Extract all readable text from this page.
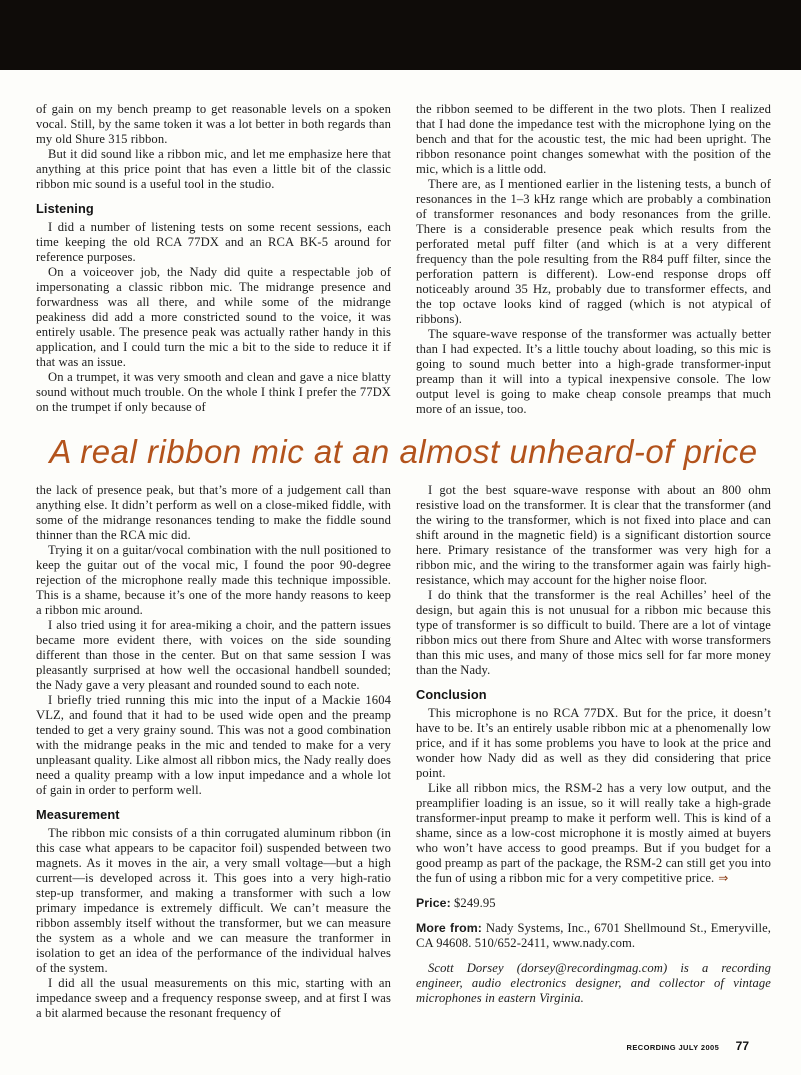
of gain on my bench preamp to get reasonable levels on a spoken vocal. Still, by the same token it was a lot better in both regards than my old Shure 315 ribbon.

But it did sound like a ribbon mic, and let me emphasize here that anything at this price point that has even a little bit of the classic ribbon mic sound is a useful tool in the studio.

Listening

I did a number of listening tests on some recent sessions, each time keeping the old RCA 77DX and an RCA BK-5 around for reference purposes.

On a voiceover job, the Nady did quite a respectable job of impersonating a classic ribbon mic. The midrange presence and forwardness was all there, and while some of the midrange peakiness did add a more constricted sound to the voice, it was entirely usable. The presence peak was actually rather handy in this application, and I could turn the mic a bit to the side to reduce it if that was an issue.

On a trumpet, it was very smooth and clean and gave a nice blatty sound without much trouble. On the whole I think I prefer the 77DX on the trumpet if only because of

the ribbon seemed to be different in the two plots. Then I realized that I had done the impedance test with the microphone lying on the bench and that for the acoustic test, the mic had been upright. The ribbon resonance point changes somewhat with the position of the mic, which is a little odd.

There are, as I mentioned earlier in the listening tests, a bunch of resonances in the 1–3 kHz range which are probably a combination of transformer resonances and body resonances from the grille. There is a considerable presence peak which results from the perforated metal puff filter (and which is at a very different frequency than the pole resulting from the R84 puff filter, since the perforation pattern is different). Low-end response drops off noticeably around 35 Hz, probably due to transformer effects, and the top octave looks kind of ragged (which is not atypical of ribbons).

The square-wave response of the transformer was actually better than I had expected. It’s a little touchy about loading, so this mic is going to sound much better into a high-grade transformer-input preamp than it will into a typical inexpensive console. The low output level is going to make cheap console preamps that much more of an issue, too.

A real ribbon mic at an almost unheard-of price

the lack of presence peak, but that’s more of a judgement call than anything else. It didn’t perform as well on a close-miked fiddle, with some of the midrange resonances tending to make the fiddle sound thinner than the RCA mic did.

Trying it on a guitar/vocal combination with the null positioned to keep the guitar out of the vocal mic, I found the poor 90-degree rejection of the microphone really made this technique impossible. This is a shame, because it’s one of the more handy reasons to keep a ribbon mic around.

I also tried using it for area-miking a choir, and the pattern issues became more evident there, with voices on the side sounding different than those in the center. But on that same session I was pleasantly surprised at how well the occasional handbell sounded; the Nady gave a very pleasant and rounded sound to each note.

I briefly tried running this mic into the input of a Mackie 1604 VLZ, and found that it had to be used wide open and the preamp tended to get a very grainy sound. This was not a good combination with the midrange peaks in the mic and tended to make for a very unpleasant quality. Like almost all ribbon mics, the Nady really does need a quality preamp with a low input impedance and a whole lot of gain in order to perform well.

Measurement

The ribbon mic consists of a thin corrugated aluminum ribbon (in this case what appears to be capacitor foil) suspended between two magnets. As it moves in the air, a very small voltage—but a high current—is developed across it. This goes into a very high-ratio step-up transformer, and making a transformer with such a low primary impedance is extremely difficult. We can’t measure the ribbon assembly itself without the transformer, but we can measure the system as a whole and we can measure the tranformer in isolation to get an idea of the performance of the individual halves of the system.

I did all the usual measurements on this mic, starting with an impedance sweep and a frequency response sweep, and at first I was a bit alarmed because the resonant frequency of

I got the best square-wave response with about an 800 ohm resistive load on the transformer. It is clear that the transformer (and the wiring to the transformer, which is not fixed into place and can shift around in the magnetic field) is a significant distortion source here. Primary resistance of the transformer was very high for a ribbon mic, and the wiring to the transformer again was fairly high-resistance, which may account for the higher noise floor.

I do think that the transformer is the real Achilles’ heel of the design, but again this is not unusual for a ribbon mic because this type of transformer is so difficult to build. There are a lot of vintage ribbon mics out there from Shure and Altec with worse transformers than this mic uses, and many of those mics sell for far more money than the Nady.

Conclusion

This microphone is no RCA 77DX. But for the price, it doesn’t have to be. It’s an entirely usable ribbon mic at a phenomenally low price, and if it has some problems you have to look at the price and wonder how Nady did as well as they did considering that price point.

Like all ribbon mics, the RSM-2 has a very low output, and the preamplifier loading is an issue, so it will really take a high-grade transformer-input preamp to make it perform well. This is kind of a shame, since as a low-cost microphone it is mostly aimed at buyers who won’t have access to good preamps. But if you budget for a good preamp as part of the package, the RSM-2 can still get you into the fun of using a ribbon mic for a very competitive price. ⇒

Price: $249.95

More from: Nady Systems, Inc., 6701 Shellmound St., Emeryville, CA 94608. 510/652-2411, www.nady.com.

Scott Dorsey (dorsey@recordingmag.com) is a recording engineer, audio electronics designer, and collector of vintage microphones in eastern Virginia.

RECORDING JULY 2005 77
